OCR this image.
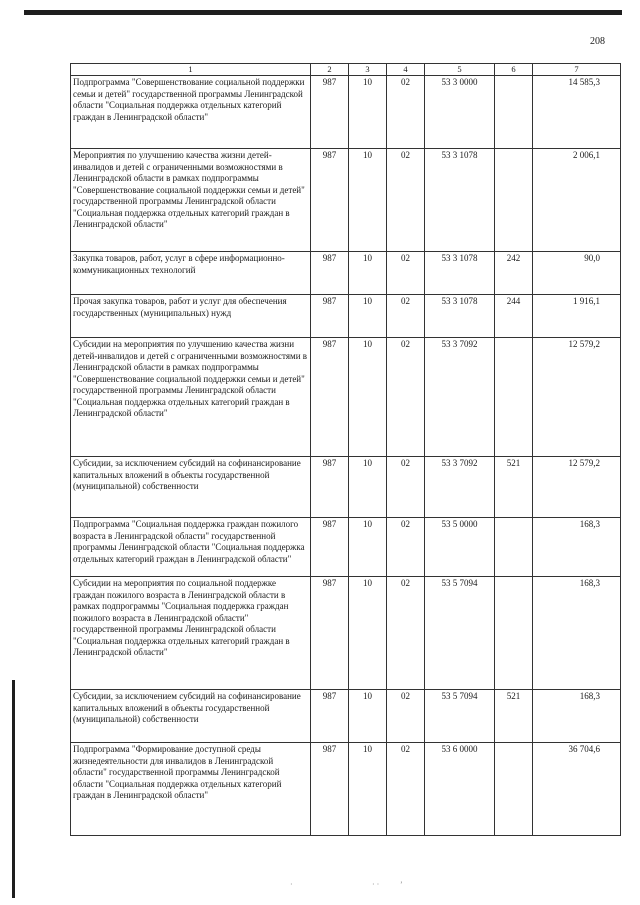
208
1	2	3	4	5	6	7
Подпрограмма "Совершенствование социальной поддержки семьи и детей" государственной программы Ленинградской области "Социальная поддержка отдельных категорий граждан в Ленинградской области"	987	10	02	53 3 0000		14 585,3
Мероприятия по улучшению качества жизни детей-инвалидов и детей с ограниченными возможностями в Ленинградской области в рамках подпрограммы "Совершенствование социальной поддержки семьи и детей" государственной программы Ленинградской области "Социальная поддержка отдельных категорий граждан в Ленинградской области"	987	10	02	53 3 1078		2 006,1
Закупка товаров, работ, услуг в сфере информационно-коммуникационных технологий	987	10	02	53 3 1078	242	90,0
Прочая закупка товаров, работ и услуг для обеспечения государственных (муниципальных) нужд	987	10	02	53 3 1078	244	1 916,1
Субсидии на мероприятия по улучшению качества жизни детей-инвалидов и детей с ограниченными возможностями в Ленинградской области в рамках подпрограммы "Совершенствование социальной поддержки семьи и детей" государственной программы Ленинградской области "Социальная поддержка отдельных категорий граждан в Ленинградской области"	987	10	02	53 3 7092		12 579,2
Субсидии, за исключением субсидий на софинансирование капитальных вложений в объекты государственной (муниципальной) собственности	987	10	02	53 3 7092	521	12 579,2
Подпрограмма "Социальная поддержка граждан пожилого возраста в Ленинградской области" государственной программы Ленинградской области "Социальная поддержка отдельных категорий граждан в Ленинградской области"	987	10	02	53 5 0000		168,3
Субсидии на мероприятия по социальной поддержке граждан пожилого возраста в Ленинградской области в рамках подпрограммы "Социальная поддержка граждан пожилого возраста в Ленинградской области" государственной программы Ленинградской области "Социальная поддержка отдельных категорий граждан в Ленинградской области"	987	10	02	53 5 7094		168,3
Субсидии, за исключением субсидий на софинансирование капитальных вложений в объекты государственной (муниципальной) собственности	987	10	02	53 5 7094	521	168,3
Подпрограмма "Формирование доступной среды жизнедеятельности для инвалидов в Ленинградской области" государственной программы Ленинградской области "Социальная поддержка отдельных категорий граждан в Ленинградской области"	987	10	02	53 6 0000		36 704,6
·	· ·	ʼ
